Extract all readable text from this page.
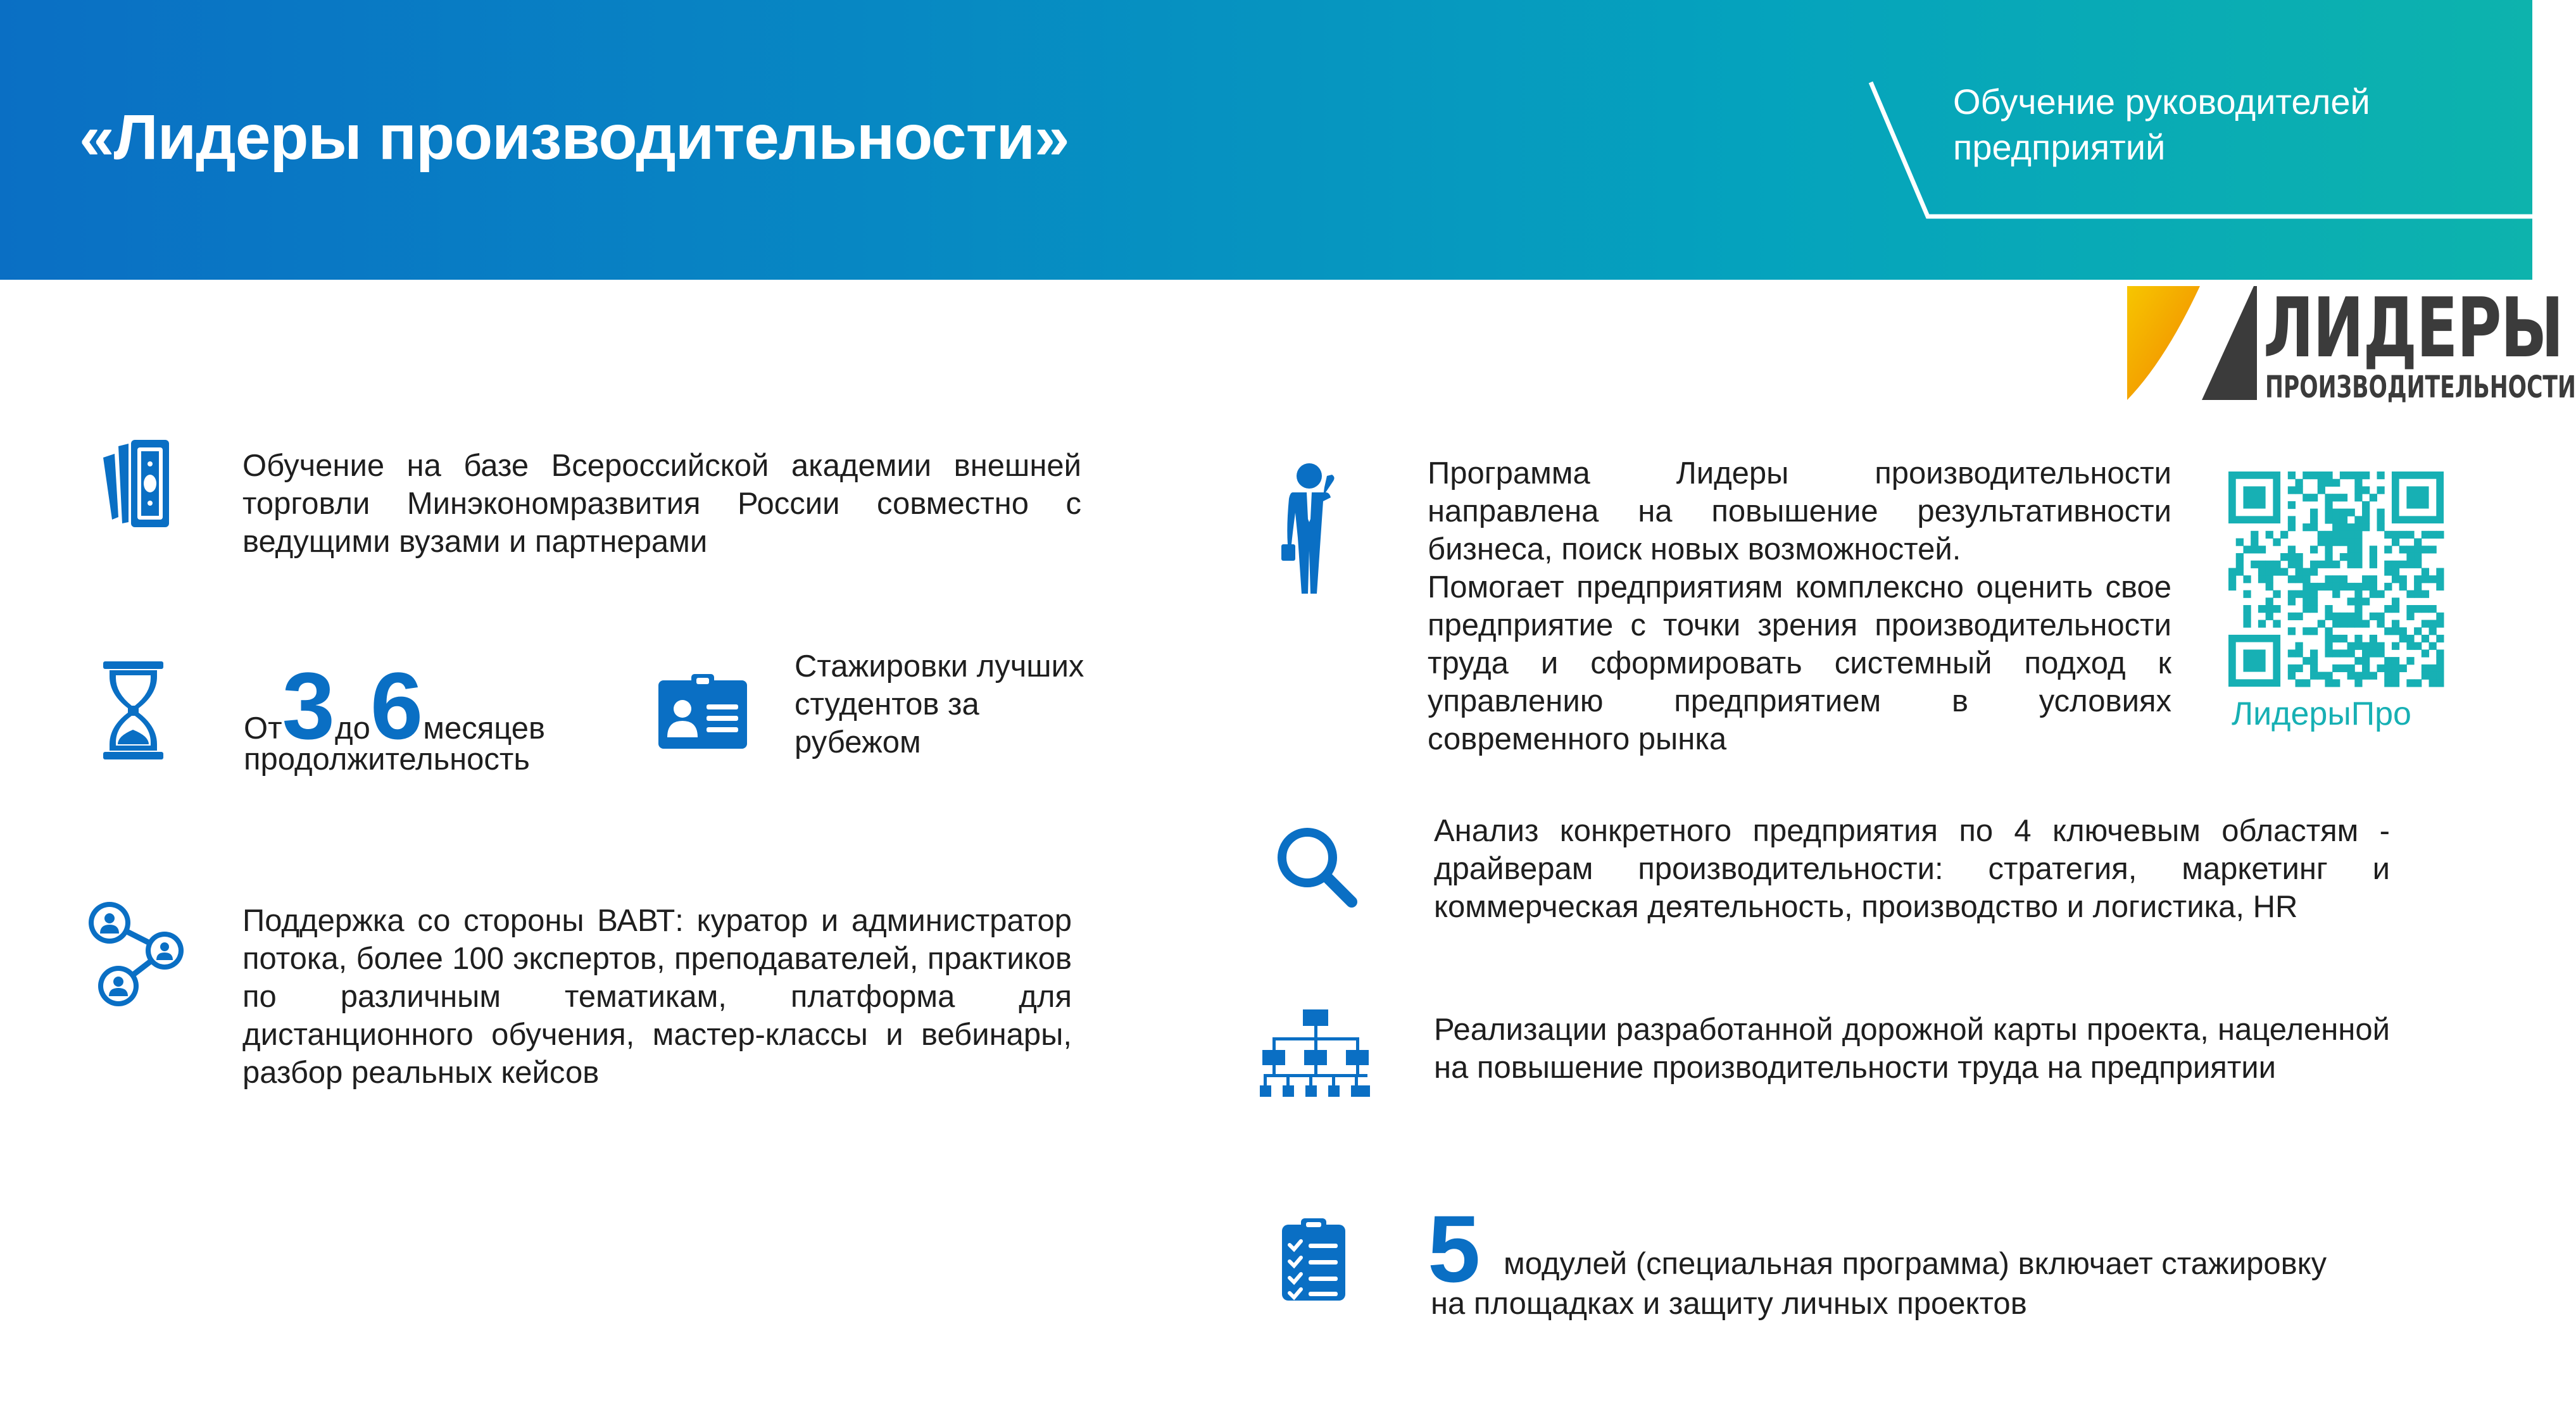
«Лидеры производительности»
Обучение руководителей предприятий
ЛИДЕРЫ
ПРОИЗВОДИТЕЛЬНОСТИ
Обучение на базе Всероссийской академии внешней торговли Минэкономразвития России совместно с ведущими вузами и партнерами
От3до6месяцев
продолжительность
Стажировки лучших студентов за рубежом
Поддержка со стороны ВАВТ: куратор и администратор потока, более 100 экспертов, преподавателей, практиков по различным тематикам, платформа для дистанционного обучения, мастер-классы и вебинары, разбор реальных кейсов
Программа Лидеры производительности направлена на повышение результативности бизнеса, поиск новых возможностей.
Помогает предприятиям комплексно оценить свое предприятие с точки зрения производительности труда и сформировать системный подход к управлению предприятием в условиях современного рынка
ЛидерыПро
Анализ конкретного предприятия по 4 ключевым областям - драйверам производительности: стратегия, маркетинг и коммерческая деятельность, производство и логистика, HR
Реализации разработанной дорожной карты проекта, нацеленной на повышение производительности труда на предприятии
5 модулей (специальная программа) включает стажировку
на площадках и защиту личных проектов
